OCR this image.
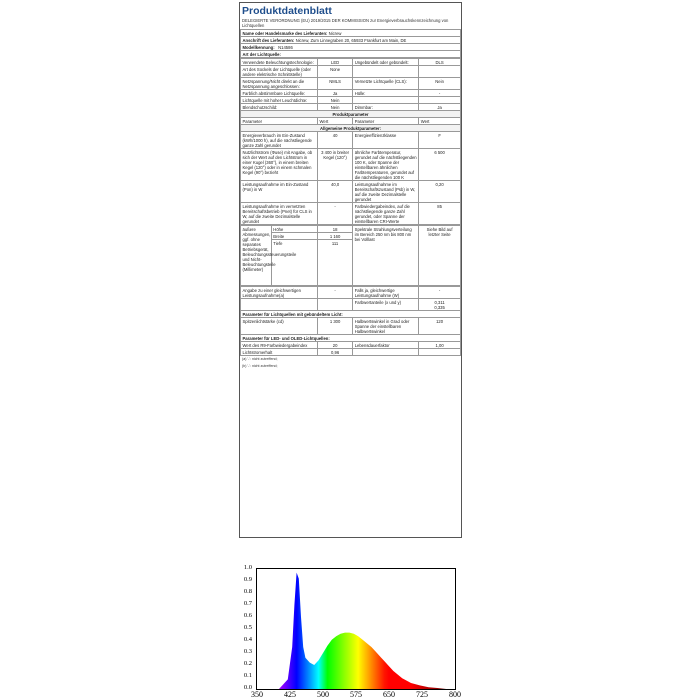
Produktdatenblatt
DELEGIERTE VERORDNUNG (EU) 2019/2015 DER KOMMISSION zur Energieverbrauchskennzeichnung von Lichtquellen
Name oder Handelsmarke des Lieferanten: Nicrew
Anschrift des Lieferanten: Nicrew, Zum Linnegraben 20, 65933 Frankfurt am Main, DE
Modellkennung: N14586
Art der Lichtquelle:
Verwendete Beleuchtungstechnologie:	LED	Ungebündelt oder gebündelt:	DLS
Art des Sockels der Lichtquelle (oder andere elektrische Schnittstelle)	None		
Netzspannung/Nicht direkt an die Netzspannung angeschlossen:	NMLS	Vernetzte Lichtquelle (CLS):	Nein
Farblich abstimmbare Lichtquelle:	Ja	Hülle:	-
Lichtquelle mit hoher Leuchtdichte:	Nein		
Blendschutzschild:	Nein	Dimmbar:	Ja
Produktparameter			
Parameter	Wert	Parameter	Wert
Allgemeine Produktparameter:			
Energieverbrauch im Ein-Zustand (kWh/1000 h), auf die nächstliegende ganze Zahl gerundet	40	Energieeffizienzklasse	F
Nutzlichtstrom (Φuse) mit Angabe, ob sich der Wert auf den Lichtstrom in einer Kugel (360°), in einem breiten Kegel (120°) oder in einem schmalen Kegel (90°) bezieht	3 400 in breiter Kegel (120°)	ähnliche Farbtemperatur, gerundet auf die nächstliegenden 100 K, oder Spanne der einstellbaren ähnlichen Farbtemperaturen, gerundet auf die nächstliegenden 100 K	6 500
Leistungsaufnahme im Ein-Zustand (Pon) in W	40,0	Leistungsaufnahme im Bereitschaftszustand (Psb) in W, auf die zweite Dezimalstelle gerundet	0,20
Leistungsaufnahme im vernetzten Bereitschaftsbetrieb (Pnet) für CLS in W, auf die zweite Dezimalstelle gerundet	-	Farbwiedergabeindex, auf die nächstliegende ganze Zahl gerundet, oder Spanne der einstellbaren CRI-Werte	85
äußere Abmessungen, ggf. ohne separates Betriebsgerät, Beleuchtungssteuerungsteile und Nicht-Beleuchtungsteile (Millimeter)	Höhe	18	Spektrale Strahlungsverteilung im Bereich 250 nm bis 800 nm bei Volllast	Siehe Bild auf letzter Seite
	Breite	1 160		
	Tiefe	111		
Angabe zu einer gleichwertigen Leistungsaufnahme(a)	-	Falls ja, gleichwertige Leistungsaufnahme (W)	-
		Farbwertanteile (x und y)	0,311
0,335
Parameter für Lichtquellen mit gebündeltem Licht:			
Spitzenlichtstärke (cd)	1 300	Halbwertswinkel in Grad oder Spanne der einstellbaren Halbwertswinkel	120
Parameter für LED- und OLED-Lichtquellen:			
Wert des R9-Farbwiedergabeindex	20	Lebensdauerfaktor	1,00
Lichtstromerhalt	0,96		
(a) '-': nicht zutreffend;
(b) '-': nicht zutreffend;
0.0
0.1
0.2
0.3
0.4
0.5
0.6
0.7
0.8
0.9
1.0
350	425	500	575	650	725	800
